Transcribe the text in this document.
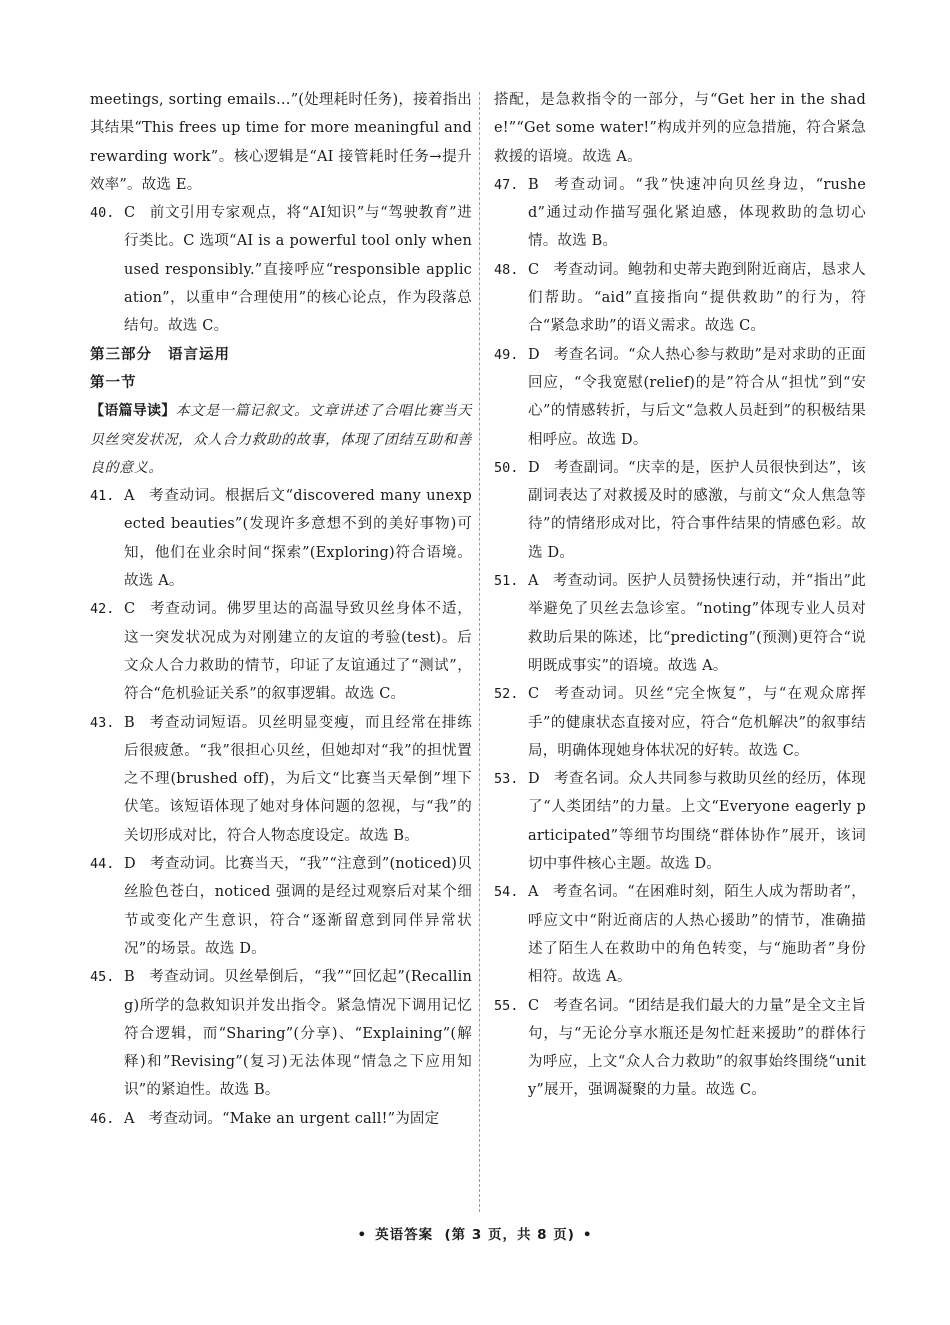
meetings, sorting emails…”(处理耗时任务)，接着指出其结果“This frees up time for more meaningful and rewarding work”。核心逻辑是“AI 接管耗时任务→提升效率”。故选 E。

40. C 前文引用专家观点，将“AI知识”与“驾驶教育”进行类比。C 选项“AI is a powerful tool only when used responsibly.”直接呼应“responsible application”，以重申“合理使用”的核心论点，作为段落总结句。故选 C。

第三部分 语言运用

第一节

【语篇导读】本文是一篇记叙文。文章讲述了合唱比赛当天贝丝突发状况，众人合力救助的故事，体现了团结互助和善良的意义。

41. A 考查动词。根据后文“discovered many unexpected beauties”(发现许多意想不到的美好事物)可知，他们在业余时间“探索”(Exploring)符合语境。故选 A。
42. C 考查动词。佛罗里达的高温导致贝丝身体不适，这一突发状况成为对刚建立的友谊的考验(test)。后文众人合力救助的情节，印证了友谊通过了“测试”，符合“危机验证关系”的叙事逻辑。故选 C。
43. B 考查动词短语。贝丝明显变瘦，而且经常在排练后很疲惫。“我”很担心贝丝，但她却对“我”的担忧置之不理(brushed off)，为后文“比赛当天晕倒”埋下伏笔。该短语体现了她对身体问题的忽视，与“我”的关切形成对比，符合人物态度设定。故选 B。
44. D 考查动词。比赛当天，“我”“注意到”(noticed)贝丝脸色苍白，noticed 强调的是经过观察后对某个细节或变化产生意识，符合“逐渐留意到同伴异常状况”的场景。故选 D。
45. B 考查动词。贝丝晕倒后，“我”“回忆起”(Recalling)所学的急救知识并发出指令。紧急情况下调用记忆符合逻辑，而“Sharing”(分享)、“Explaining”(解释)和”Revising”(复习)无法体现“情急之下应用知识”的紧迫性。故选 B。
46. A 考查动词。“Make an urgent call!”为固定

搭配，是急救指令的一部分，与“Get her in the shade!”“Get some water!”构成并列的应急措施，符合紧急救援的语境。故选 A。

47. B 考查动词。“我”快速冲向贝丝身边，“rushed”通过动作描写强化紧迫感，体现救助的急切心情。故选 B。
48. C 考查动词。鲍勃和史蒂夫跑到附近商店，恳求人们帮助。“aid”直接指向“提供救助”的行为，符合“紧急求助”的语义需求。故选 C。
49. D 考查名词。“众人热心参与救助”是对求助的正面回应，“令我宽慰(relief)的是”符合从“担忧”到“安心”的情感转折，与后文“急救人员赶到”的积极结果相呼应。故选 D。
50. D 考查副词。“庆幸的是，医护人员很快到达”，该副词表达了对救援及时的感激，与前文“众人焦急等待”的情绪形成对比，符合事件结果的情感色彩。故选 D。
51. A 考查动词。医护人员赞扬快速行动，并“指出”此举避免了贝丝去急诊室。“noting”体现专业人员对救助后果的陈述，比“predicting”(预测)更符合“说明既成事实”的语境。故选 A。
52. C 考查动词。贝丝“完全恢复”，与“在观众席挥手”的健康状态直接对应，符合“危机解决”的叙事结局，明确体现她身体状况的好转。故选 C。
53. D 考查名词。众人共同参与救助贝丝的经历，体现了“人类团结”的力量。上文“Everyone eagerly participated”等细节均围绕“群体协作”展开，该词切中事件核心主题。故选 D。
54. A 考查名词。“在困难时刻，陌生人成为帮助者”，呼应文中“附近商店的人热心援助”的情节，准确描述了陌生人在救助中的角色转变，与“施助者”身份相符。故选 A。
55. C 考查名词。“团结是我们最大的力量”是全文主旨句，与“无论分享水瓶还是匆忙赶来援助”的群体行为呼应，上文“众人合力救助”的叙事始终围绕“unity”展开，强调凝聚的力量。故选 C。
• 英语答案 (第 3 页，共 8 页) •
